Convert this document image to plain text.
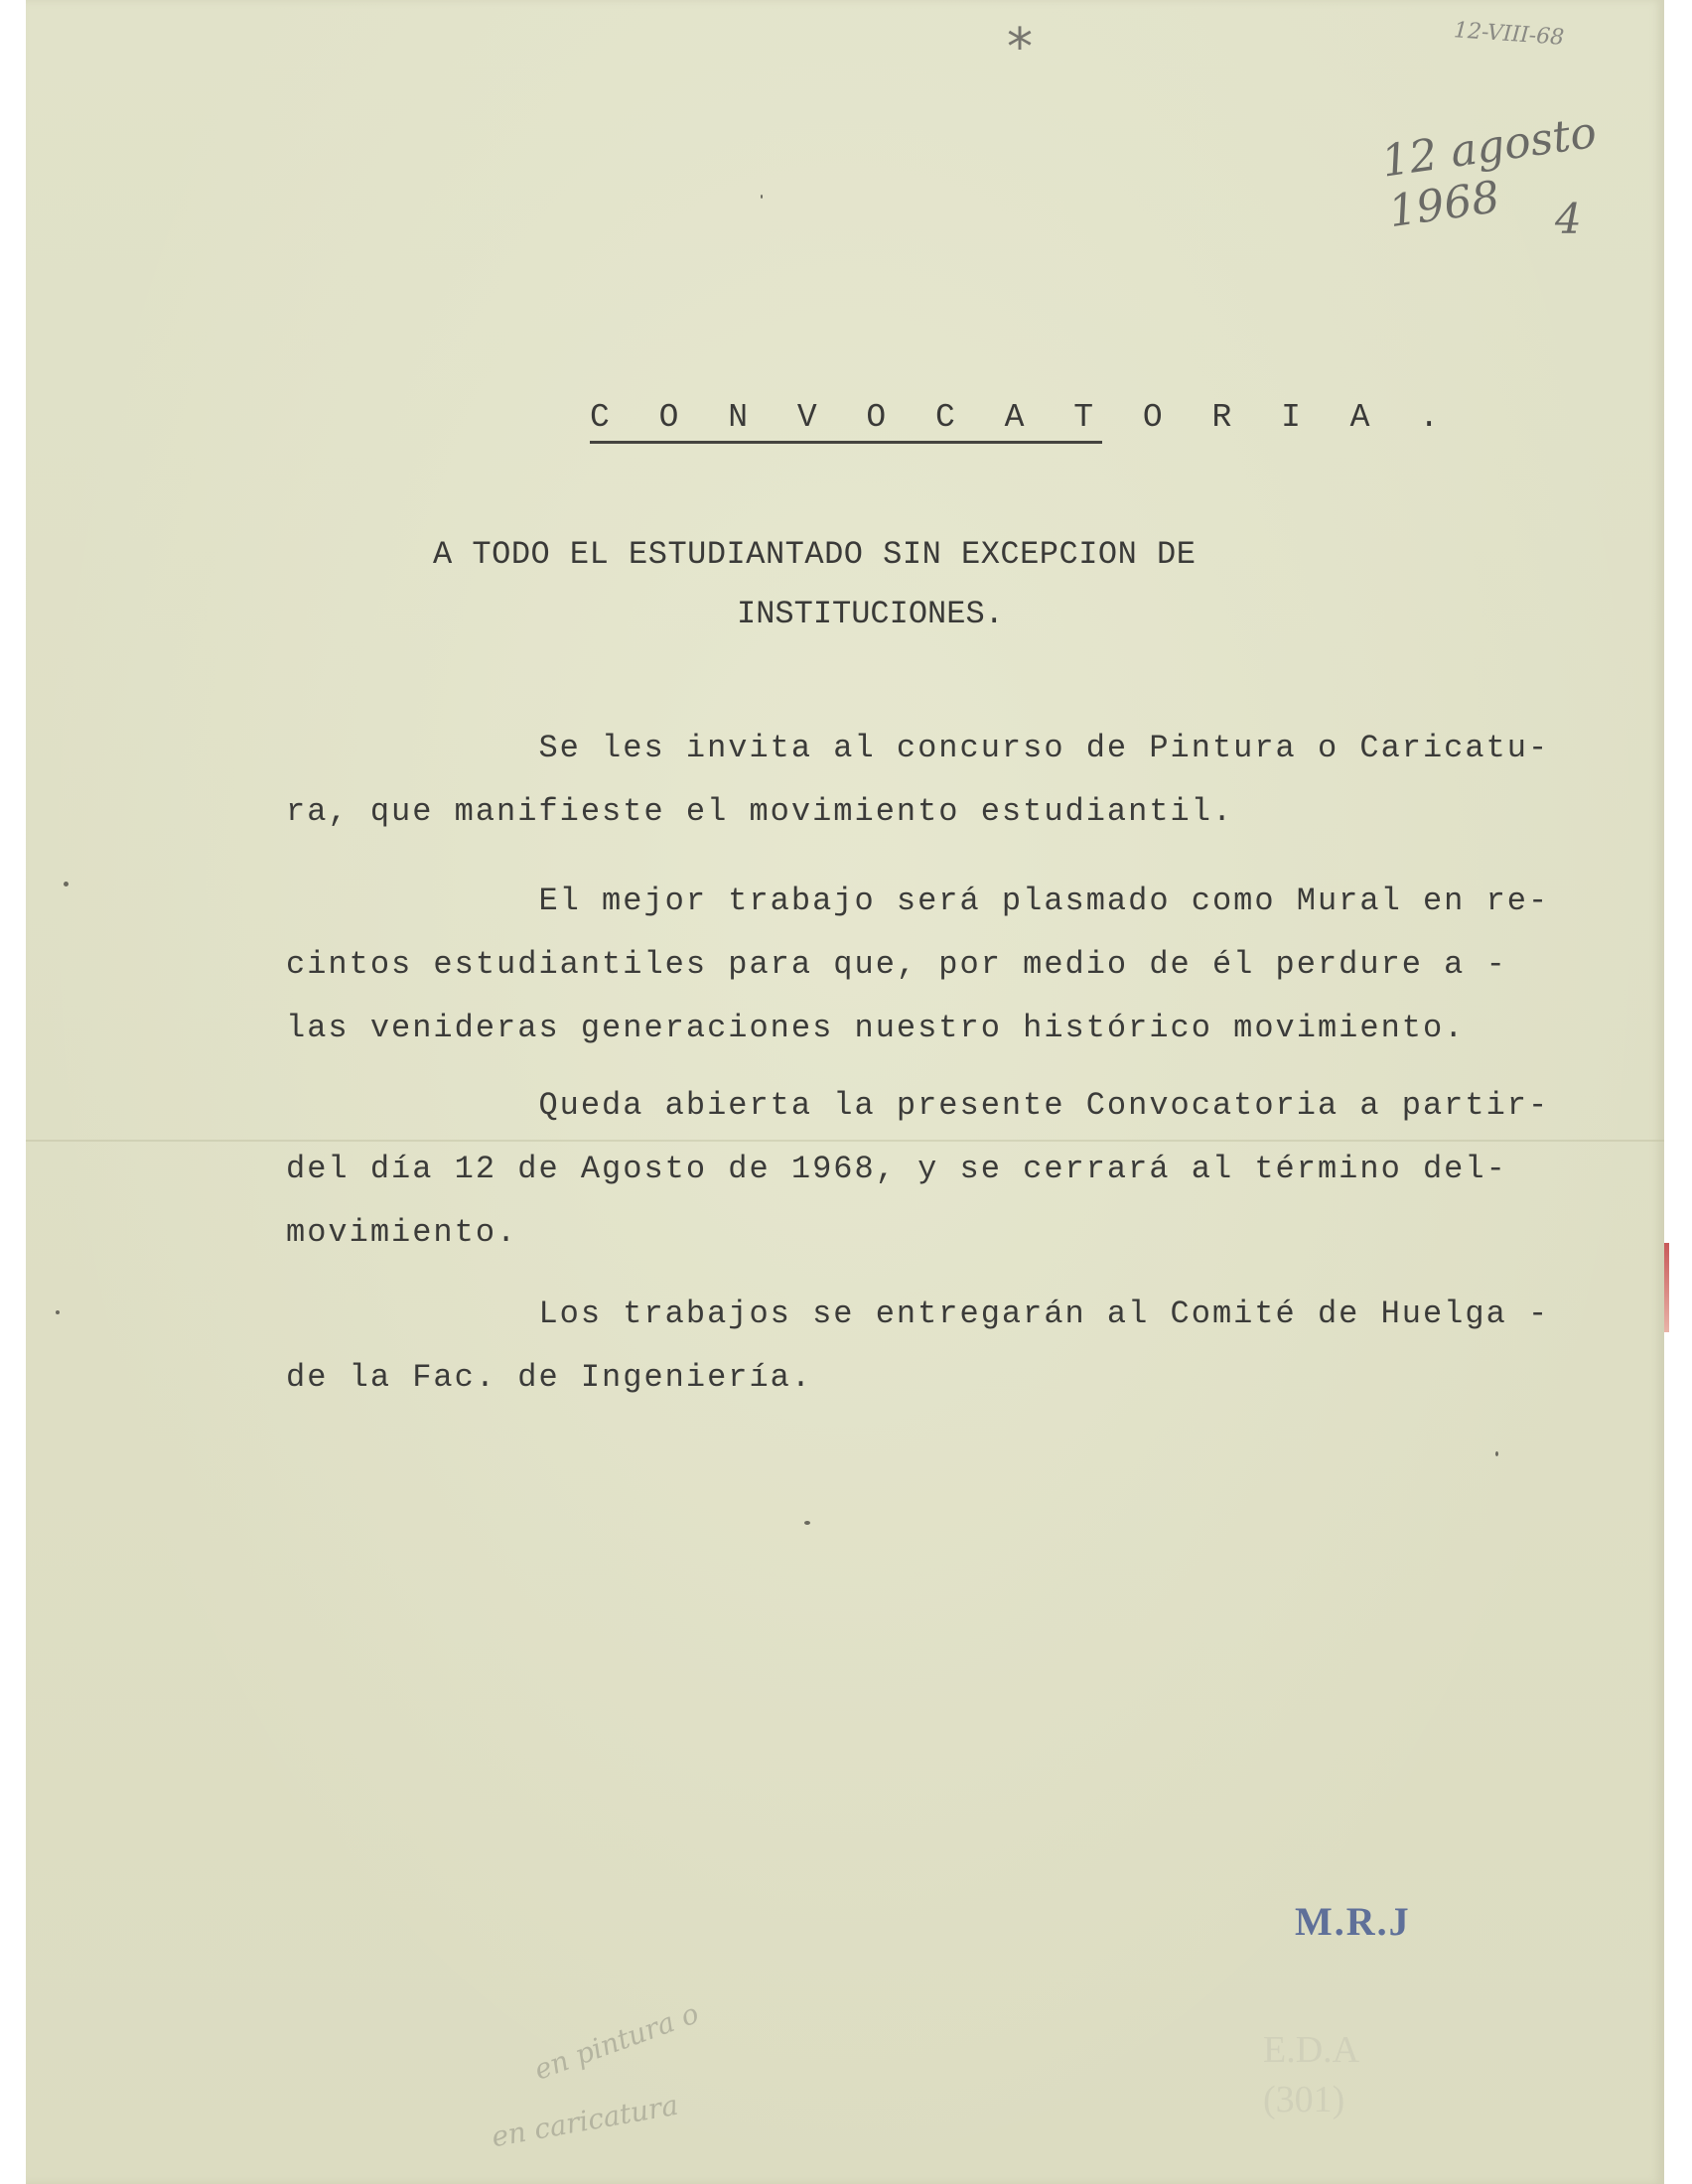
*	12-VIII-68
12 agosto 1968	4
C O N V O C A T O R I A .
A TODO EL ESTUDIANTADO SIN EXCEPCION DE
INSTITUCIONES.
Se les invita al concurso de Pintura o Caricatu-
ra, que manifieste el movimiento estudiantil.
El mejor trabajo será plasmado como Mural en re-
cintos estudiantiles para que, por medio de él perdure a -
las venideras generaciones nuestro histórico movimiento.
Queda abierta la presente Convocatoria a partir-
del día 12 de Agosto de 1968, y se cerrará al término del-
movimiento.
Los trabajos se entregarán al Comité de Huelga -
de la Fac. de Ingeniería.
M.R.J
en pintura o
en caricatura
E.D.A
(301)
